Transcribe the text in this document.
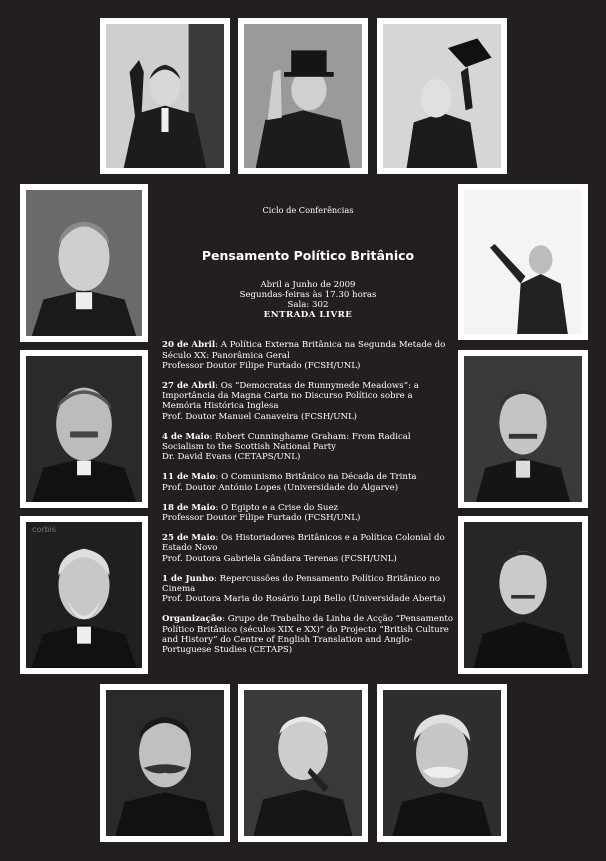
corbis
Ciclo de Conferências
Pensamento Político Britânico
Abril a Junho de 2009
Segundas-feiras às 17.30 horas
Sala: 302
ENTRADA LIVRE
20 de Abril: A Política Externa Britânica na Segunda Metade do Século XX: Panorâmica Geral
Professor Doutor Filipe Furtado (FCSH/UNL)
27 de Abril: Os “Democratas de Runnymede Meadows”: a Importância da Magna Carta no Discurso Político sobre a Memória Histórica Inglesa
Prof. Doutor Manuel Canaveira (FCSH/UNL)
4 de Maio: Robert Cunninghame Graham: From Radical Socialism to the Scottish National Party
Dr. David Evans (CETAPS/UNL)
11 de Maio: O Comunismo Britânico na Década de Trinta
Prof. Doutor António Lopes (Universidade do Algarve)
18 de Maio: O Egipto e a Crise do Suez
Professor Doutor Filipe Furtado (FCSH/UNL)
25 de Maio: Os Historiadores Britânicos e a Política Colonial do Estado Novo
Prof. Doutora Gabriela Gândara Terenas (FCSH/UNL)
1 de Junho: Repercussões do Pensamento Político Britânico no Cinema
Prof. Doutora Maria do Rosário Lupi Bello (Universidade Aberta)
Organização: Grupo de Trabalho da Linha de Acção “Pensamento Político Britânico (séculos XIX e XX)” do Projecto “British Culture and History” do Centre of English Translation and Anglo-Portuguese Studies (CETAPS)
